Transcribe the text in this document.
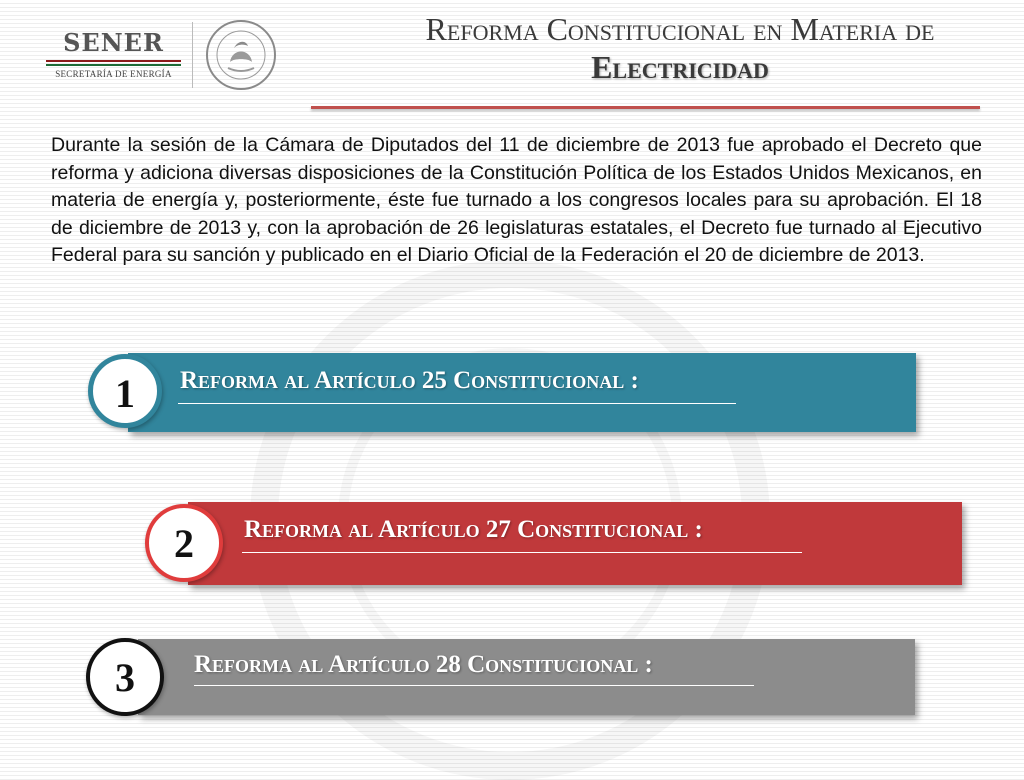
SENER
SECRETARÍA DE ENERGÍA
Reforma Constitucional en Materia de
Electricidad
Durante la sesión de la Cámara de Diputados del 11 de diciembre de 2013 fue aprobado el Decreto que reforma y adiciona diversas disposiciones de la Constitución Política de los Estados Unidos Mexicanos, en materia de energía y, posteriormente, éste fue turnado a los congresos locales para su aprobación. El 18 de diciembre de 2013 y, con la aprobación de 26 legislaturas estatales, el Decreto fue turnado al Ejecutivo Federal para su sanción y publicado en el Diario Oficial de la Federación el 20 de diciembre de 2013.
Reforma al Artículo 25 Constitucional :
1
Reforma al Artículo 27 Constitucional :
2
Reforma al Artículo 28 Constitucional :
3
